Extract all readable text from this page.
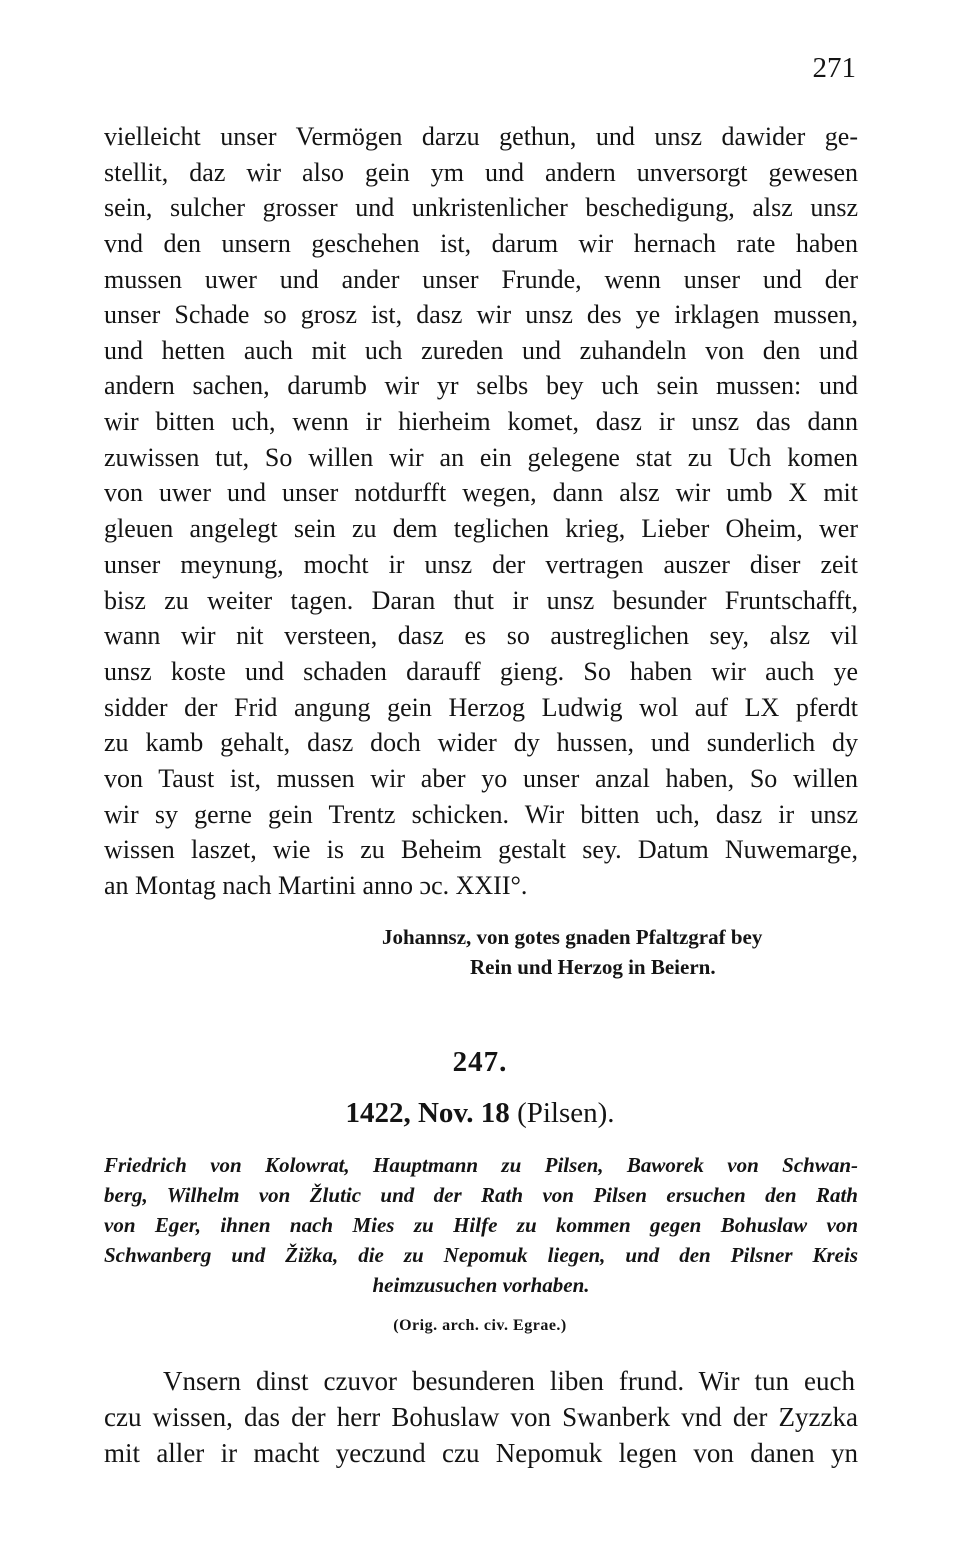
271
vielleicht unser Vermögen darzu gethun, und unsz dawider ge-
stellit, daz wir also gein ym und andern unversorgt gewesen
sein, sulcher grosser und unkristenlicher beschedigung, alsz unsz
vnd den unsern geschehen ist, darum wir hernach rate haben
mussen uwer und ander unser Frunde, wenn unser und der
unser Schade so grosz ist, dasz wir unsz des ye irklagen mussen,
und hetten auch mit uch zureden und zuhandeln von den und
andern sachen, darumb wir yr selbs bey uch sein mussen: und
wir bitten uch, wenn ir hierheim komet, dasz ir unsz das dann
zuwissen tut, So willen wir an ein gelegene stat zu Uch komen
von uwer und unser notdurfft wegen, dann alsz wir umb X mit
gleuen angelegt sein zu dem teglichen krieg, Lieber Oheim, wer
unser meynung, mocht ir unsz der vertragen auszer diser zeit
bisz zu weiter tagen. Daran thut ir unsz besunder Fruntschafft,
wann wir nit versteen, dasz es so austreglichen sey, alsz vil
unsz koste und schaden darauff gieng. So haben wir auch ye
sidder der Frid angung gein Herzog Ludwig wol auf LX pferdt
zu kamb gehalt, dasz doch wider dy hussen, und sunderlich dy
von Taust ist, mussen wir aber yo unser anzal haben, So willen
wir sy gerne gein Trentz schicken. Wir bitten uch, dasz ir unsz
wissen laszet, wie is zu Beheim gestalt sey. Datum Nuwemarge,
an Montag nach Martini anno ɔc. XXII°.
Johannsz, von gotes gnaden Pfaltzgraf bey
Rein und Herzog in Beiern.
247.
1422, Nov. 18 (Pilsen).
Friedrich von Kolowrat, Hauptmann zu Pilsen, Baworek von Schwan-
berg, Wilhelm von Žlutic und der Rath von Pilsen ersuchen den Rath
von Eger, ihnen nach Mies zu Hilfe zu kommen gegen Bohuslaw von
Schwanberg und Žižka, die zu Nepomuk liegen, und den Pilsner Kreis
heimzusuchen vorhaben.
(Orig. arch. civ. Egrae.)
Vnsern dinst czuvor besunderen liben frund. Wir tun euch
czu wissen, das der herr Bohuslaw von Swanberk vnd der Zyzzka
mit aller ir macht yeczund czu Nepomuk legen von danen yn
